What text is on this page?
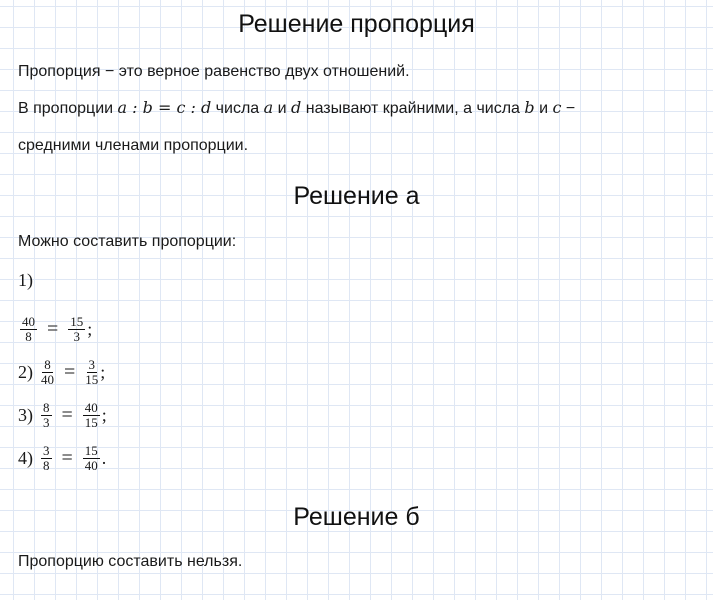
Решение пропорция
Пропорция − это верное равенство двух отношений.
В пропорции a : b = c : d числа a и d называют крайними, а числа b и c −
средними членами пропорции.
Решение а
Можно составить пропорции:
1)
$\frac{40}{8} = \frac{15}{3}$ ;
$2) \frac{8}{40} = \frac{3}{15}$ ;
$3) \frac{8}{3} = \frac{40}{15}$ ;
$4) \frac{3}{8} = \frac{15}{40}$ .
Решение б
Пропорцию составить нельзя.
